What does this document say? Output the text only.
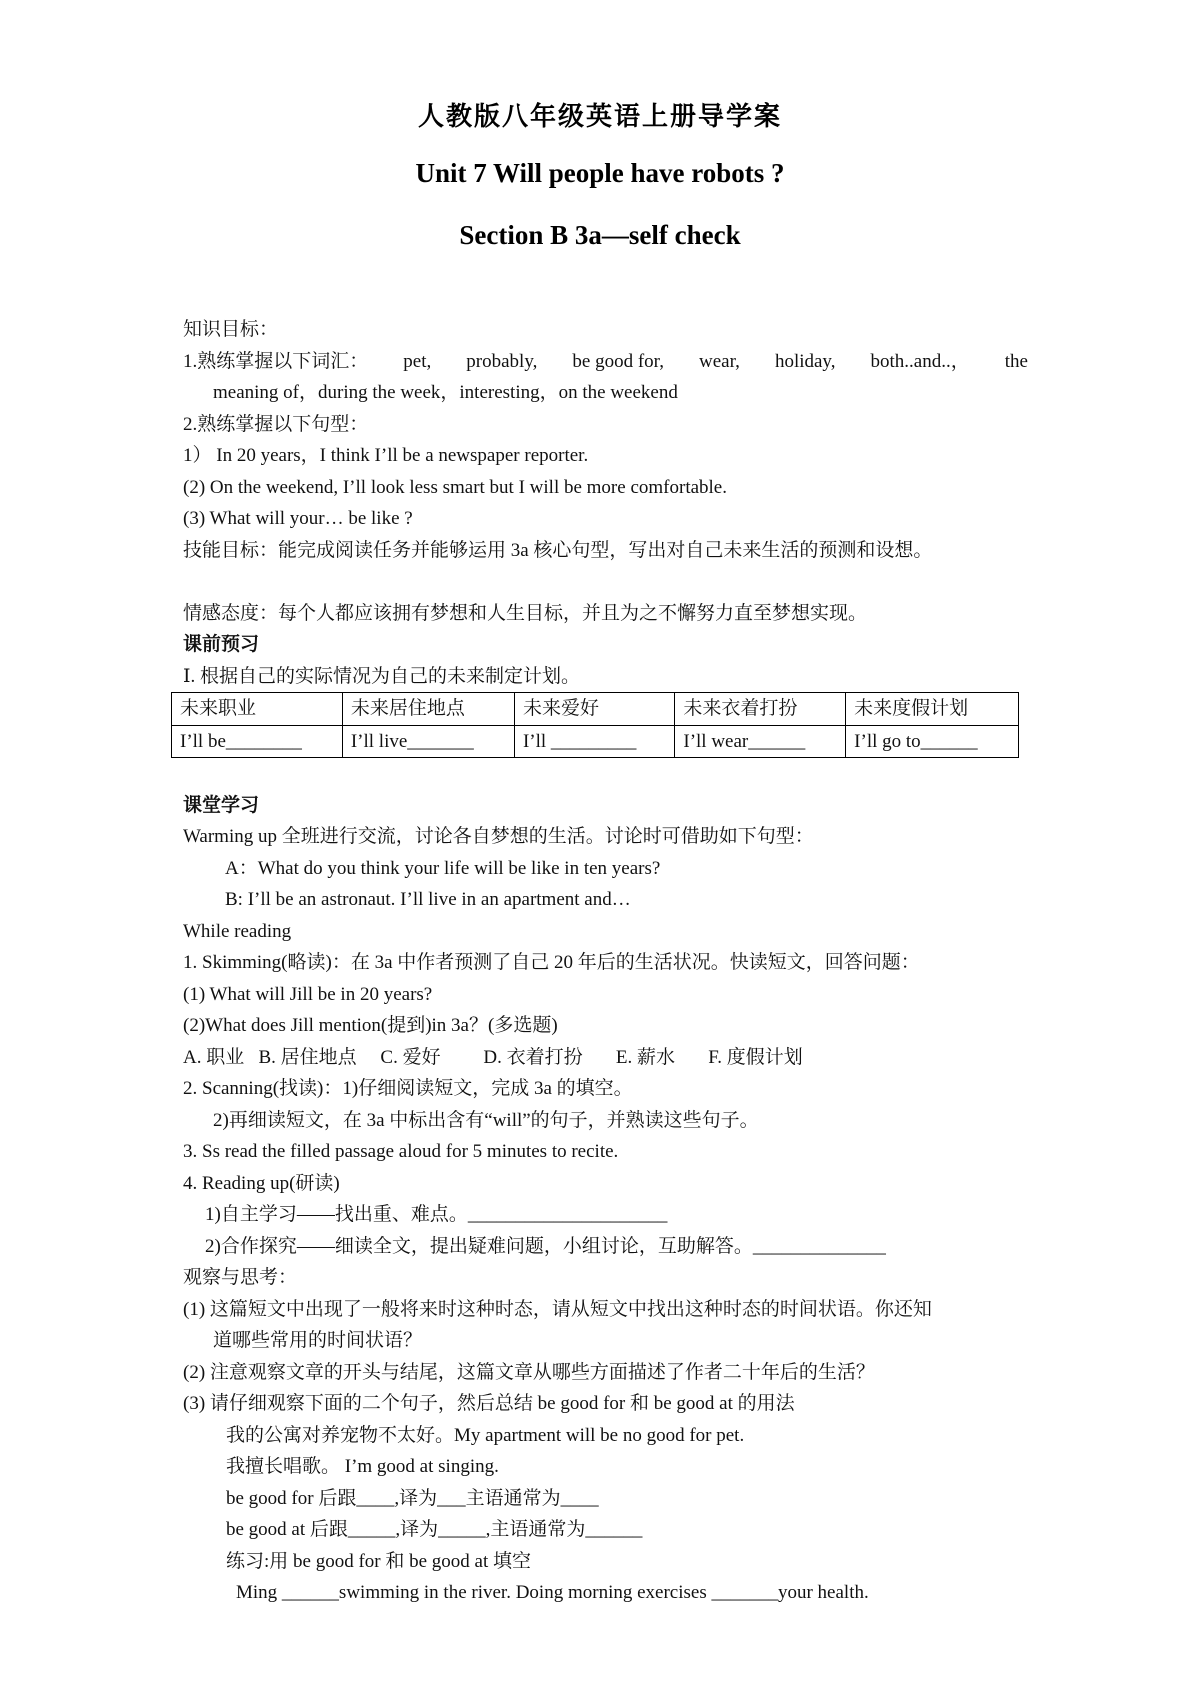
人教版八年级英语上册导学案
Unit 7 Will people have robots ?
Section B 3a—self check

知识目标：

1.熟练掌握以下词汇： pet, probably, be good for, wear, holiday, both..and..， the

meaning of，during the week，interesting，on the weekend

2.熟练掌握以下句型：

1） In 20 years，I think I’ll be a newspaper reporter.

(2) On the weekend, I’ll look less smart but I will be more comfortable.

(3) What will your… be like ?

技能目标：能完成阅读任务并能够运用 3a 核心句型，写出对自己未来生活的预测和设想。

情感态度：每个人都应该拥有梦想和人生目标，并且为之不懈努力直至梦想实现。

课前预习

Ⅰ. 根据自己的实际情况为自己的未来制定计划。

未来职业	未来居住地点	未来爱好	未来衣着打扮	未来度假计划
I’ll be________	I’ll live_______	I’ll _________	I’ll wear______	I’ll go to______

课堂学习

Warming up 全班进行交流，讨论各自梦想的生活。讨论时可借助如下句型：

A：What do you think your life will be like in ten years?

B: I’ll be an astronaut. I’ll live in an apartment and…

While reading

1. Skimming(略读)：在 3a 中作者预测了自己 20 年后的生活状况。快读短文，回答问题：

(1) What will Jill be in 20 years?

(2)What does Jill mention(提到)in 3a？(多选题)

A. 职业 B. 居住地点 C. 爱好 D. 衣着打扮 E. 薪水 F. 度假计划

2. Scanning(找读)：1)仔细阅读短文，完成 3a 的填空。

2)再细读短文，在 3a 中标出含有“will”的句子，并熟读这些句子。

3. Ss read the filled passage aloud for 5 minutes to recite.

4. Reading up(研读)

1)自主学习——找出重、难点。_____________________

2)合作探究——细读全文，提出疑难问题，小组讨论，互助解答。______________

观察与思考：

(1) 这篇短文中出现了一般将来时这种时态，请从短文中找出这种时态的时间状语。你还知

道哪些常用的时间状语？

(2) 注意观察文章的开头与结尾，这篇文章从哪些方面描述了作者二十年后的生活？

(3) 请仔细观察下面的二个句子，然后总结 be good for 和 be good at 的用法

我的公寓对养宠物不太好。My apartment will be no good for pet.

我擅长唱歌。 I’m good at singing.

be good for 后跟____,译为___主语通常为____

be good at 后跟_____,译为_____,主语通常为______

练习:用 be good for 和 be good at 填空

Ming ______swimming in the river. Doing morning exercises _______your health.
